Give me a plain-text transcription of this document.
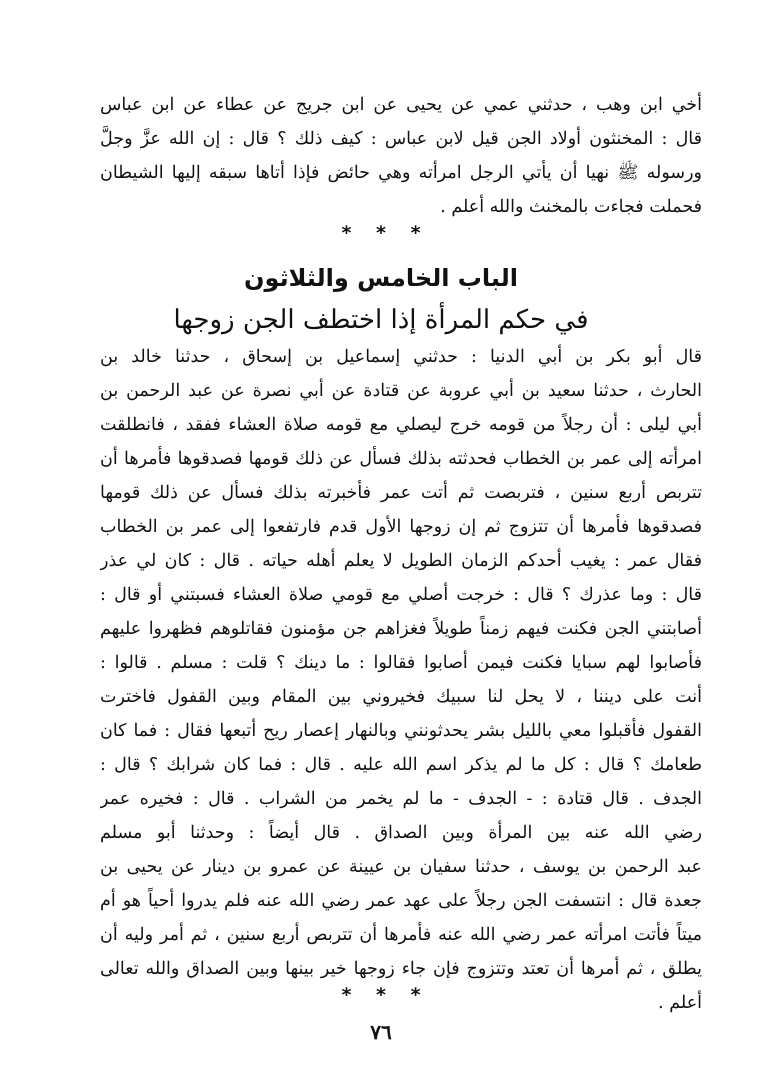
أخي ابن وهب ، حدثني عمي عن يحيى عن ابن جريج عن عطاء عن ابن عباس
قال : المخنثون أولاد الجن قيل لابن عباس : كيف ذلك ؟ قال : إن الله عزَّ وجلَّ
ورسوله ﷺ نهيا أن يأتي الرجل امرأته وهي حائض فإذا أتاها سبقه إليها الشيطان
فحملت فجاءت بالمخنث والله أعلم .
* * *
الباب الخامس والثلاثون
في حكم المرأة إذا اختطف الجن زوجها
قال أبو بكر بن أبي الدنيا : حدثني إسماعيل بن إسحاق ، حدثنا خالد بن
الحارث ، حدثنا سعيد بن أبي عروبة عن قتادة عن أبي نصرة عن عبد الرحمن بن
أبي ليلى : أن رجلاً من قومه خرج ليصلي مع قومه صلاة العشاء ففقد ، فانطلقت
امرأته إلى عمر بن الخطاب فحدثته بذلك فسأل عن ذلك قومها فصدقوها فأمرها أن
تتربص أربع سنين ، فتربصت ثم أتت عمر فأخبرته بذلك فسأل عن ذلك قومها
فصدقوها فأمرها أن تتزوج ثم إن زوجها الأول قدم فارتفعوا إلى عمر بن الخطاب
فقال عمر : يغيب أحدكم الزمان الطويل لا يعلم أهله حياته . قال : كان لي عذر
قال : وما عذرك ؟ قال : خرجت أصلي مع قومي صلاة العشاء فسبتني أو قال :
أصابتني الجن فكنت فيهم زمناً طويلاً فغزاهم جن مؤمنون فقاتلوهم فظهروا عليهم
فأصابوا لهم سبايا فكنت فيمن أصابوا فقالوا : ما دينك ؟ قلت : مسلم . قالوا :
أنت على ديننا ، لا يحل لنا سبيك فخيروني بين المقام وبين القفول فاخترت
القفول فأقبلوا معي بالليل بشر يحدثونني وبالنهار إعصار ريح أتبعها فقال : فما كان
طعامك ؟ قال : كل ما لم يذكر اسم الله عليه . قال : فما كان شرابك ؟ قال :
الجدف . قال قتادة : - الجدف - ما لم يخمر من الشراب . قال : فخيره عمر
رضي الله عنه بين المرأة وبين الصداق . قال أيضاً : وحدثنا أبو مسلم
عبد الرحمن بن يوسف ، حدثنا سفيان بن عيينة عن عمرو بن دينار عن يحيى بن
جعدة قال : انتسفت الجن رجلاً على عهد عمر رضي الله عنه فلم يدروا أحياً هو أم
ميتاً فأتت امرأته عمر رضي الله عنه فأمرها أن تتربص أربع سنين ، ثم أمر وليه أن
يطلق ، ثم أمرها أن تعتد وتتزوج فإن جاء زوجها خير بينها وبين الصداق والله تعالى
أعلم .
* * *
٧٦
